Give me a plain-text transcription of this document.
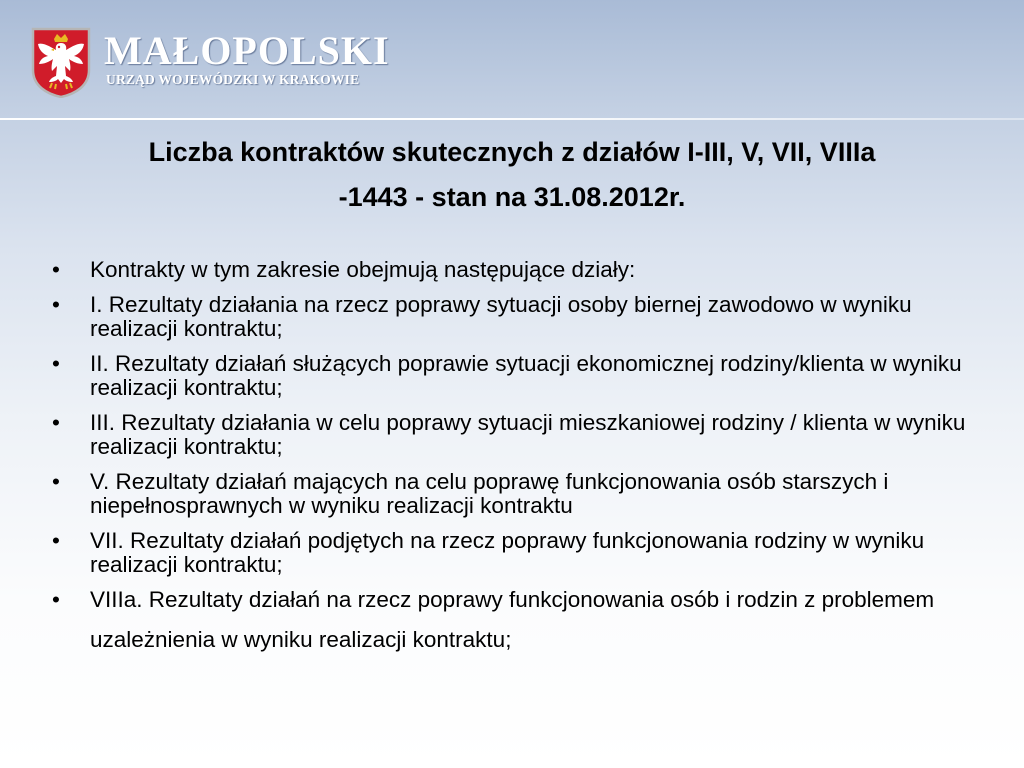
MAŁOPOLSKI
URZĄD WOJEWÓDZKI W KRAKOWIE
Liczba kontraktów skutecznych z działów I-III, V, VII, VIIIa
-1443 - stan na 31.08.2012r.
• Kontrakty w tym zakresie obejmują następujące działy:
• I. Rezultaty działania na rzecz poprawy sytuacji osoby biernej zawodowo w wyniku realizacji kontraktu;
• II. Rezultaty działań służących poprawie sytuacji ekonomicznej rodziny/klienta w wyniku realizacji kontraktu;
• III. Rezultaty działania w celu poprawy sytuacji mieszkaniowej rodziny / klienta w wyniku realizacji kontraktu;
• V. Rezultaty działań mających na celu poprawę funkcjonowania osób starszych i niepełnosprawnych w wyniku realizacji kontraktu
• VII. Rezultaty działań podjętych na rzecz poprawy funkcjonowania rodziny w wyniku realizacji kontraktu;
• VIIIa. Rezultaty działań na rzecz poprawy funkcjonowania osób i rodzin z problemem uzależnienia w wyniku realizacji kontraktu;
